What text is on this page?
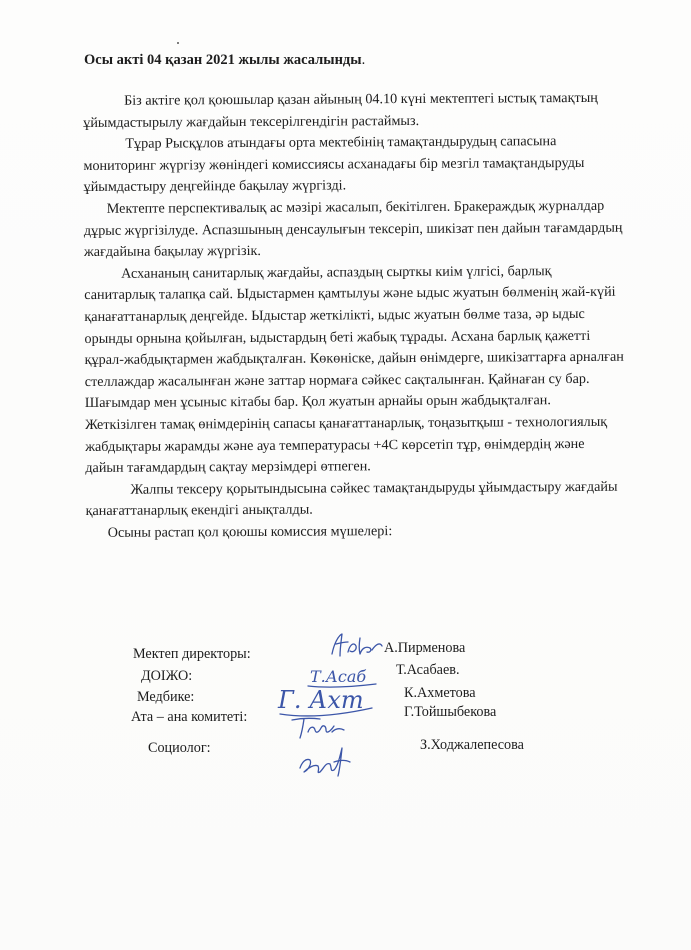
Осы акті 04 қазан 2021 жылы жасалынды.

Біз актіге қол қоюшылар қазан айының 04.10 күні мектептегі ыстық тамақтың ұйымдастырылу жағдайын тексерілгендігін растаймыз.

Тұрар Рысқұлов атындағы орта мектебінің тамақтандырудың сапасына мониторинг жүргізу жөніндегі комиссиясы асханадағы бір мезгіл тамақтандыруды ұйымдастыру деңгейінде бақылау жүргізді.

Мектепте перспективалық ас мәзірі жасалып, бекітілген. Бракераждық журналдар дұрыс жүргізілуде. Аспазшының денсаулығын тексеріп, шикізат пен дайын тағамдардың жағдайына бақылау жүргізік.

Асхананың санитарлық жағдайы, аспаздың сырткы киім үлгісі, барлық санитарлық талапқа сай. Ыдыстармен қамтылуы және ыдыс жуатын бөлменің жай-күйі қанағаттанарлық деңгейде. Ыдыстар жеткілікті, ыдыс жуатын бөлме таза, әр ыдыс орынды орнына қойылған, ыдыстардың беті жабық тұрады. Асхана барлық қажетті құрал-жабдықтармен жабдықталған. Көкөніске, дайын өнімдерге, шикізаттарға арналған стеллаждар жасалынған және заттар нормаға сәйкес сақталынған. Қайнаған су бар. Шағымдар мен ұсыныс кітабы бар. Қол жуатын арнайы орын жабдықталған. Жеткізілген тамақ өнімдерінің сапасы қанағаттанарлық, тоңазытқыш - технологиялық жабдықтары жарамды және ауа температурасы +4С көрсетіп тұр, өнімдердің және дайын тағамдардың сақтау мерзімдері өтпеген.

Жалпы тексеру қорытындысына сәйкес тамақтандыруды ұйымдастыру жағдайы қанағаттанарлық екендігі анықталды.

Осыны растап қол қоюшы комиссия мүшелері:

Мектеп директоры:
ДОІЖО:
Медбике:
Ата – ана комитеті:
Социолог:
А.Пирменова
Т.Асабаев.
К.Ахметова
Г.Тойшыбекова
З.Ходжалепесова
Т.Асаб
Г. Ахт
